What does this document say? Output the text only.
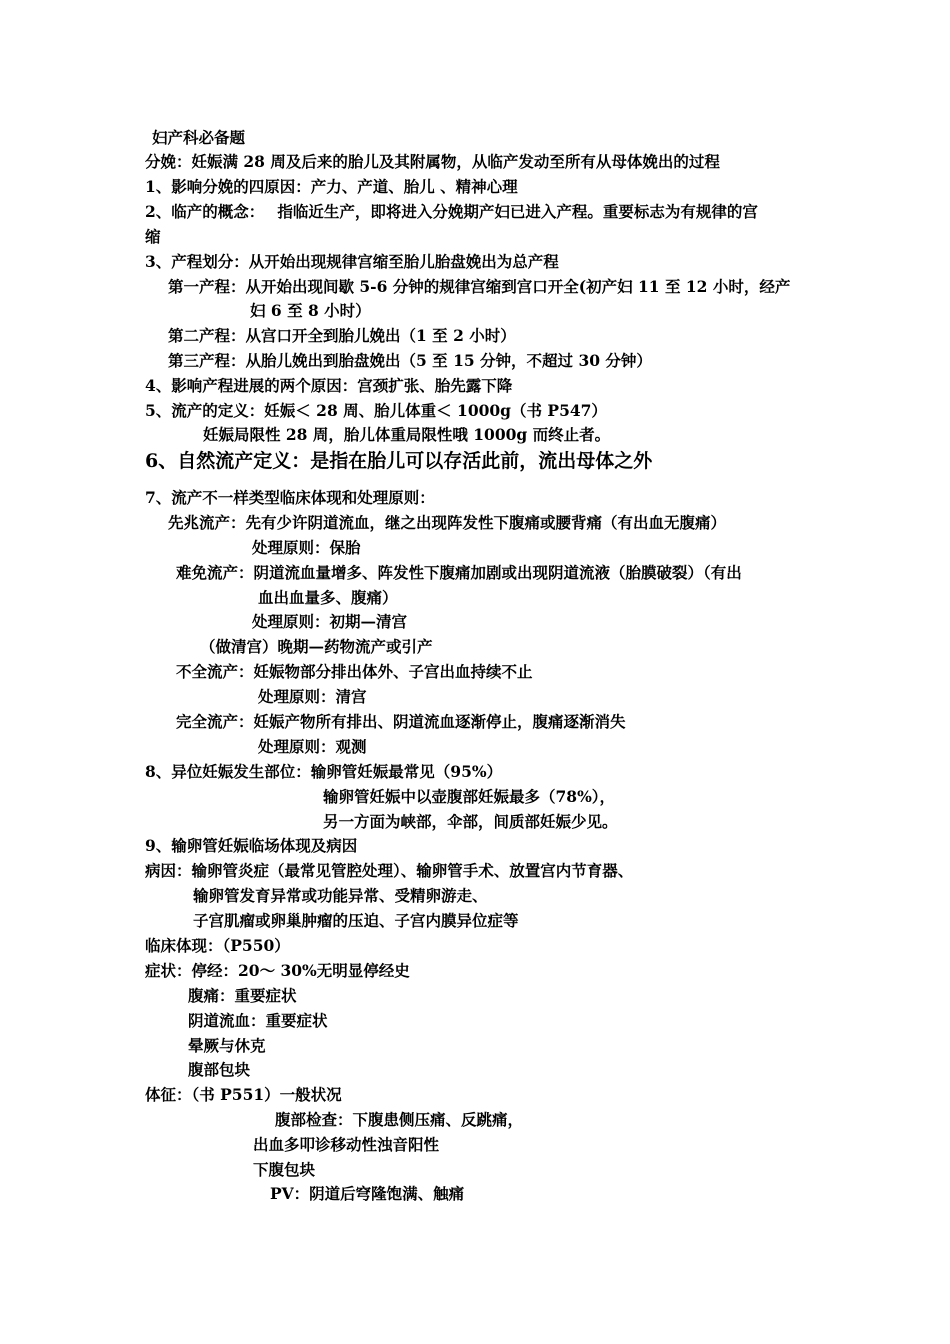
妇产科必备题
分娩：妊娠满 28 周及后来的胎儿及其附属物，从临产发动至所有从母体娩出的过程
1、影响分娩的四原因：产力、产道、胎儿 、精神心理
2、临产的概念：　 指临近生产，即将进入分娩期产妇已进入产程。重要标志为有规律的宫
缩
3、产程划分：从开始出现规律宫缩至胎儿胎盘娩出为总产程
第一产程：从开始出现间歇 5-6 分钟的规律宫缩到宫口开全(初产妇 11 至 12 小时，经产
妇 6 至 8 小时）
第二产程：从宫口开全到胎儿娩出（1 至 2 小时）
第三产程：从胎儿娩出到胎盘娩出（5 至 15 分钟，不超过 30 分钟）
4、影响产程进展的两个原因：宫颈扩张、胎先露下降
5、流产的定义：妊娠＜ 28 周、胎儿体重＜ 1000g（书 P547）
妊娠局限性 28 周，胎儿体重局限性哦 1000g 而终止者。
6、自然流产定义：是指在胎儿可以存活此前，流出母体之外
7、流产不一样类型临床体现和处理原则：
先兆流产：先有少许阴道流血，继之出现阵发性下腹痛或腰背痛（有出血无腹痛）
处理原则：保胎
难免流产：阴道流血量增多、阵发性下腹痛加剧或出现阴道流液（胎膜破裂）（有出
血出血量多、腹痛）
处理原则：初期—清宫
（做清宫）晚期—药物流产或引产
不全流产：妊娠物部分排出体外、子宫出血持续不止
处理原则：清宫
完全流产：妊娠产物所有排出、阴道流血逐渐停止，腹痛逐渐消失
处理原则：观测
8、异位妊娠发生部位：输卵管妊娠最常见（95%）
输卵管妊娠中以壶腹部妊娠最多（78%），
另一方面为峡部，伞部，间质部妊娠少见。
9、输卵管妊娠临场体现及病因
病因：输卵管炎症（最常见管腔处理）、输卵管手术、放置宫内节育器、
输卵管发育异常或功能异常、受精卵游走、
子宫肌瘤或卵巢肿瘤的压迫、子宫内膜异位症等
临床体现：（P550）
症状：停经：20～ 30%无明显停经史
腹痛：重要症状
阴道流血：重要症状
晕厥与休克
腹部包块
体征：（书 P551）一般状况
腹部检查：下腹患侧压痛、反跳痛，
出血多叩诊移动性浊音阳性
下腹包块
PV：阴道后穹隆饱满、触痛
